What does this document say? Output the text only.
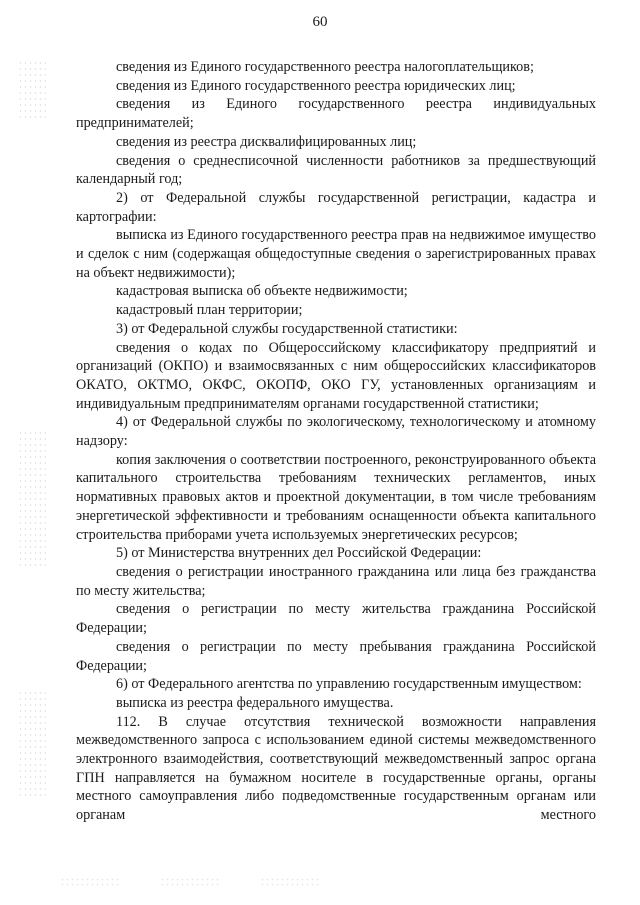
60

сведения из Единого государственного реестра налогоплательщиков;

сведения из Единого государственного реестра юридических лиц;

сведения из Единого государственного реестра индивидуальных предпринимателей;

сведения из реестра дисквалифицированных лиц;

сведения о среднесписочной численности работников за предшествующий календарный год;

2) от Федеральной службы государственной регистрации, кадастра и картографии:

выписка из Единого государственного реестра прав на недвижимое имущество и сделок с ним (содержащая общедоступные сведения о зарегистрированных правах на объект недвижимости);

кадастровая выписка об объекте недвижимости;

кадастровый план территории;

3) от Федеральной службы государственной статистики:

сведения о кодах по Общероссийскому классификатору предприятий и организаций (ОКПО) и взаимосвязанных с ним общероссийских классификаторов ОКАТО, ОКТМО, ОКФС, ОКОПФ, ОКО ГУ, установленных организациям и индивидуальным предпринимателям органами государственной статистики;

4) от Федеральной службы по экологическому, технологическому и атомному надзору:

копия заключения о соответствии построенного, реконструированного объекта капитального строительства требованиям технических регламентов, иных нормативных правовых актов и проектной документации, в том числе требованиям энергетической эффективности и требованиям оснащенности объекта капитального строительства приборами учета используемых энергетических ресурсов;

5) от Министерства внутренних дел Российской Федерации:

сведения о регистрации иностранного гражданина или лица без гражданства по месту жительства;

сведения о регистрации по месту жительства гражданина Российской Федерации;

сведения о регистрации по месту пребывания гражданина Российской Федерации;

6) от Федерального агентства по управлению государственным имуществом:

выписка из реестра федерального имущества.

112. В случае отсутствия технической возможности направления межведомственного запроса с использованием единой системы межведомственного электронного взаимодействия, соответствующий межведомственный запрос органа ГПН направляется на бумажном носителе в государственные органы, органы местного самоуправления либо подведомственные государственным органам или органам местного
